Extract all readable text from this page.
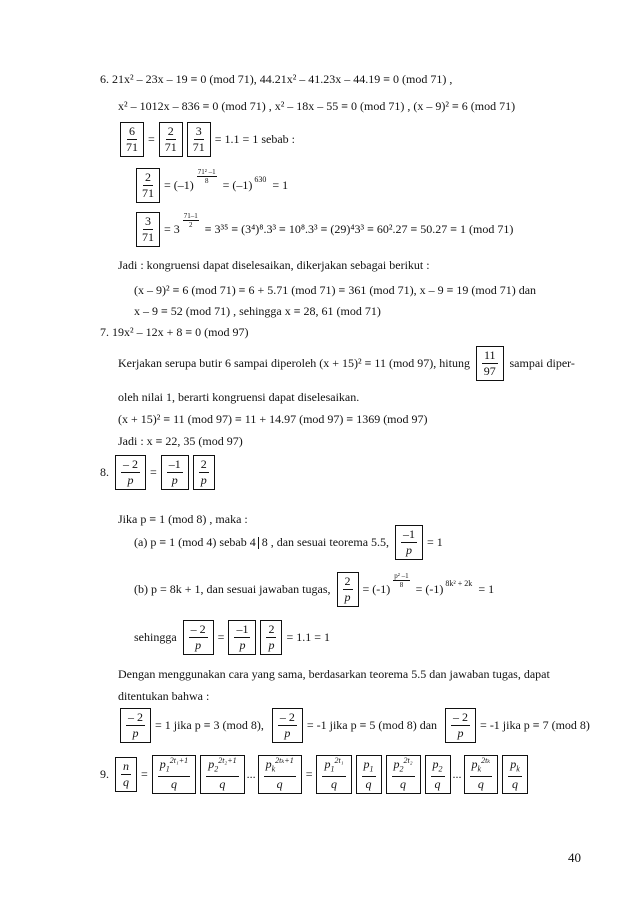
6. 21x² – 23x – 19 ≡ 0 (mod 71), 44.21x² – 41.23x – 44.19 ≡ 0 (mod 71) ,
x² – 1012x – 836 ≡ 0 (mod 71) , x² – 18x – 55 ≡ 0 (mod 71) , (x – 9)² ≡ 6 (mod 71)
$\frac{6}{71} = \frac{2}{71} \frac{3}{71} = 1.1 = 1$ sebab :
$\frac{2}{71} = (-1)$
71² –1
8 = (–1) 630 = 1
$\frac{3}{71} = 3$
71–1
2 ≡ 3³⁵ ≡ (3⁴)⁸.3³ ≡ 10⁸.3³ ≡ (29)⁴3³ ≡ 60².27 ≡ 50.27 ≡ 1 (mod 71)
Jadi : kongruensi dapat diselesaikan, dikerjakan sebagai berikut :
(x – 9)² ≡ 6 (mod 71) ≡ 6 + 5.71 (mod 71) ≡ 361 (mod 71), x – 9 ≡ 19 (mod 71) dan
x – 9 ≡ 52 (mod 71) , sehingga x ≡ 28, 61 (mod 71)
7. 19x² – 12x + 8 ≡ 0 (mod 97)
Kerjakan serupa butir 6 sampai diperoleh (x + 15)² ≡ 11 (mod 97), hitung $\frac{11}{97}$ sampai diper-
oleh nilai 1, berarti kongruensi dapat diselesaikan.
(x + 15)² ≡ 11 (mod 97) ≡ 11 + 14.97 (mod 97) ≡ 1369 (mod 97)
Jadi : x ≡ 22, 35 (mod 97)
8. $\frac{- 2}{p} = \frac{-1}{p} \frac{2}{p}$
Jika p ≡ 1 (mod 8) , maka :
(a) p ≡ 1 (mod 4) sebab 4 8 , dan sesuai teorema 5.5, $\frac{-1}{p} = 1$
(b) p = 8k + 1, dan sesuai jawaban tugas, $\frac{2}{p} = (-1)$
p² –1
8 = (-1) 8k² + 2k = 1
sehingga $\frac{- 2}{p} = \frac{-1}{p} \frac{2}{p} = 1.1 = 1$
Dengan menggunakan cara yang sama, berdasarkan teorema 5.5 dan jawaban tugas, dapat
ditentukan bahwa :
$\frac{- 2}{p} = 1$ jika p ≡ 3 (mod 8), $\frac{- 2}{p} = -1$ jika p ≡ 5 (mod 8) dan $\frac{- 2}{p} = -1$ jika p ≡ 7 (mod 8)
9. $\frac{n}{q} = \frac{p_1^{2t_1+1}}{q} \frac{p_2^{2t_2+1}}{q}$ ... $\frac{p_k^{2t_k+1}}{q} = \frac{p_1^{2t_1}}{q} \frac{p_1}{q} \frac{p_2^{2t_2}}{q} \frac{p_2}{q}$ ... $\frac{p_k^{2t_k}}{q} \frac{p_k}{q}$
40
